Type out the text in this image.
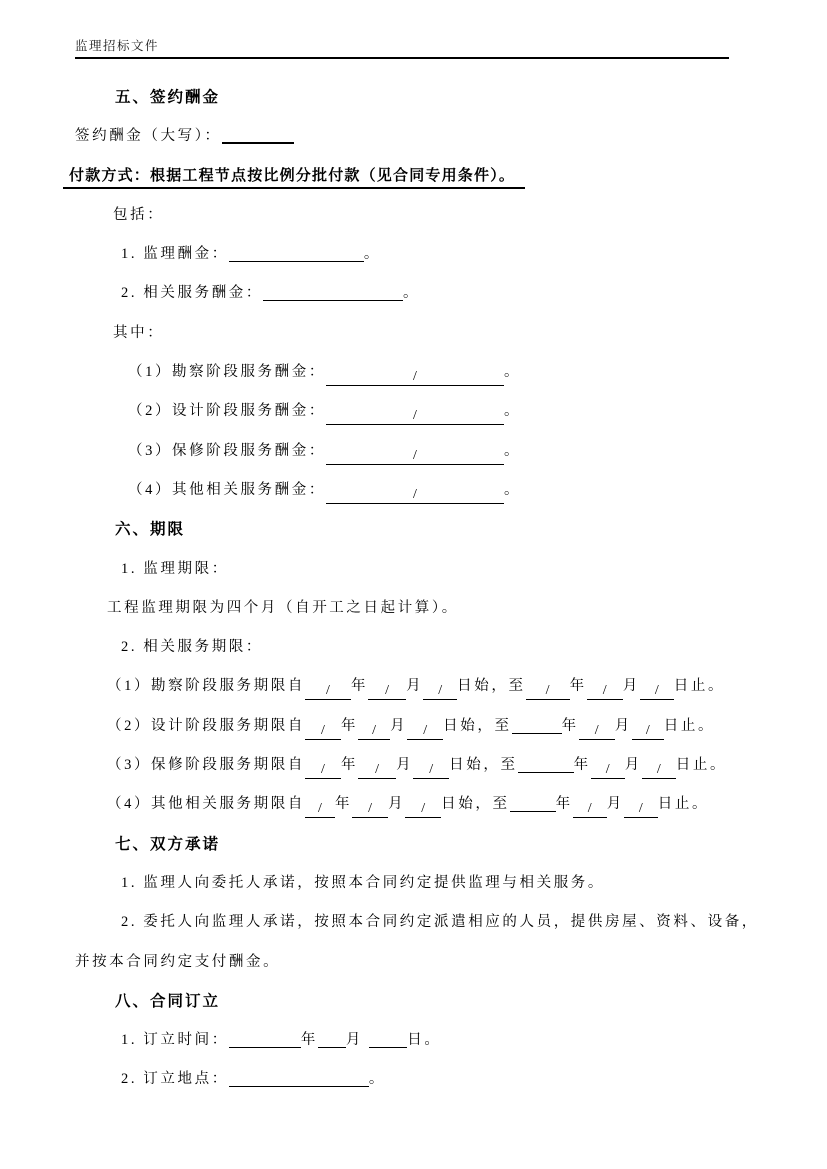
监理招标文件
五、签约酬金
签约酬金（大写）：
付款方式：根据工程节点按比例分批付款（见合同专用条件）。
包括：
1. 监理酬金：	。
2. 相关服务酬金：	。
其中：
（1）勘察阶段服务酬金：	/	。
（2）设计阶段服务酬金：	/	。
（3）保修阶段服务酬金：	/	。
（4）其他相关服务酬金：	/	。
六、期限
1. 监理期限：
工程监理期限为四个月（自开工之日起计算）。
2. 相关服务期限：
（1）勘察阶段服务期限自 / 年 / 月 / 日始，至 / 年 / 月 / 日止。
（2）设计阶段服务期限自 / 年 / 月 / 日始，至	年 / 月 / 日止。
（3）保修阶段服务期限自 / 年 / 月 / 日始，至	年 / 月 / 日止。
（4）其他相关服务期限自 / 年 / 月 / 日始，至	年 / 月 / 日止。
七、双方承诺
1. 监理人向委托人承诺，按照本合同约定提供监理与相关服务。
2. 委托人向监理人承诺，按照本合同约定派遣相应的人员，提供房屋、资料、设备，
并按本合同约定支付酬金。
八、合同订立
1. 订立时间：	年 月	日。
2. 订立地点：	。
